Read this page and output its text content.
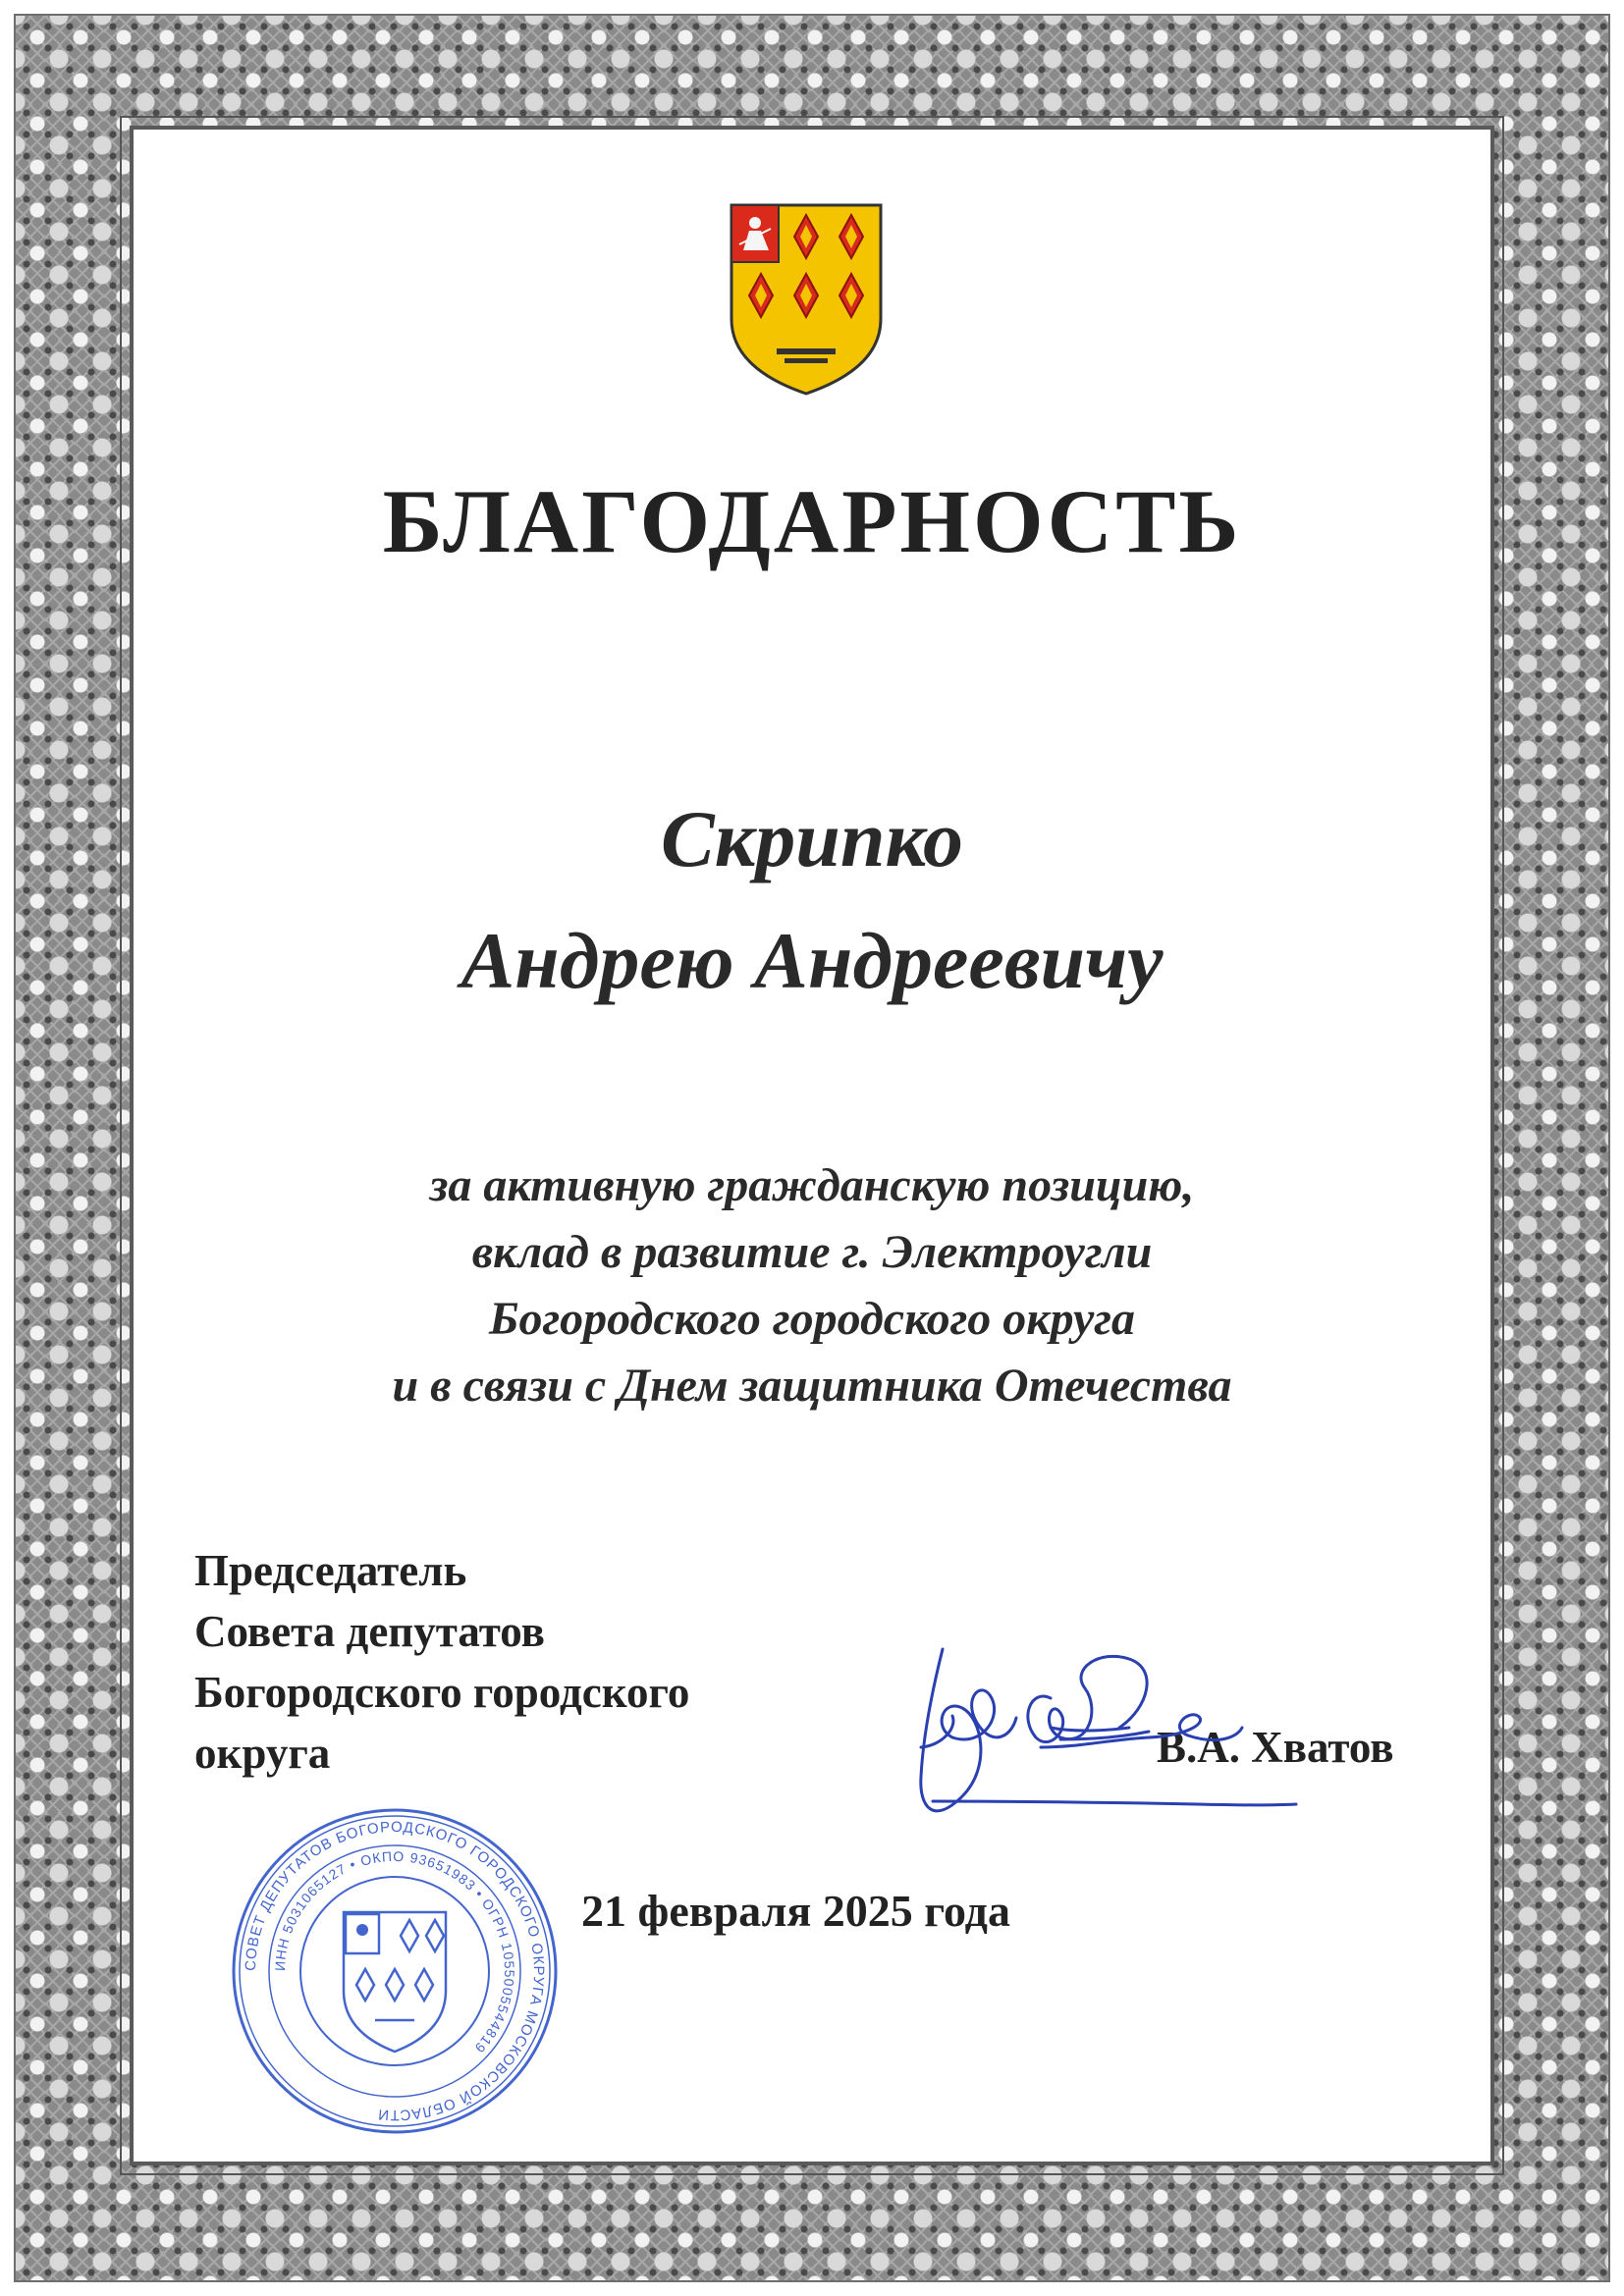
БЛАГОДАРНОСТЬ
Скрипко
Андрею Андреевичу
за активную гражданскую позицию,
вклад в развитие г. Электроугли
Богородского городского округа
и в связи с Днем защитника Отечества
Председатель
Совета депутатов
Богородского городского
округа	В.А. Хватов
21 февраля 2025 года
СОВЕТ ДЕПУТАТОВ БОГОРОДСКОГО ГОРОДСКОГО ОКРУГА МОСКОВСКОЙ ОБЛАСТИ
ИНН 5031065127 • ОКПО 93651983 • ОГРН 1055005544819
